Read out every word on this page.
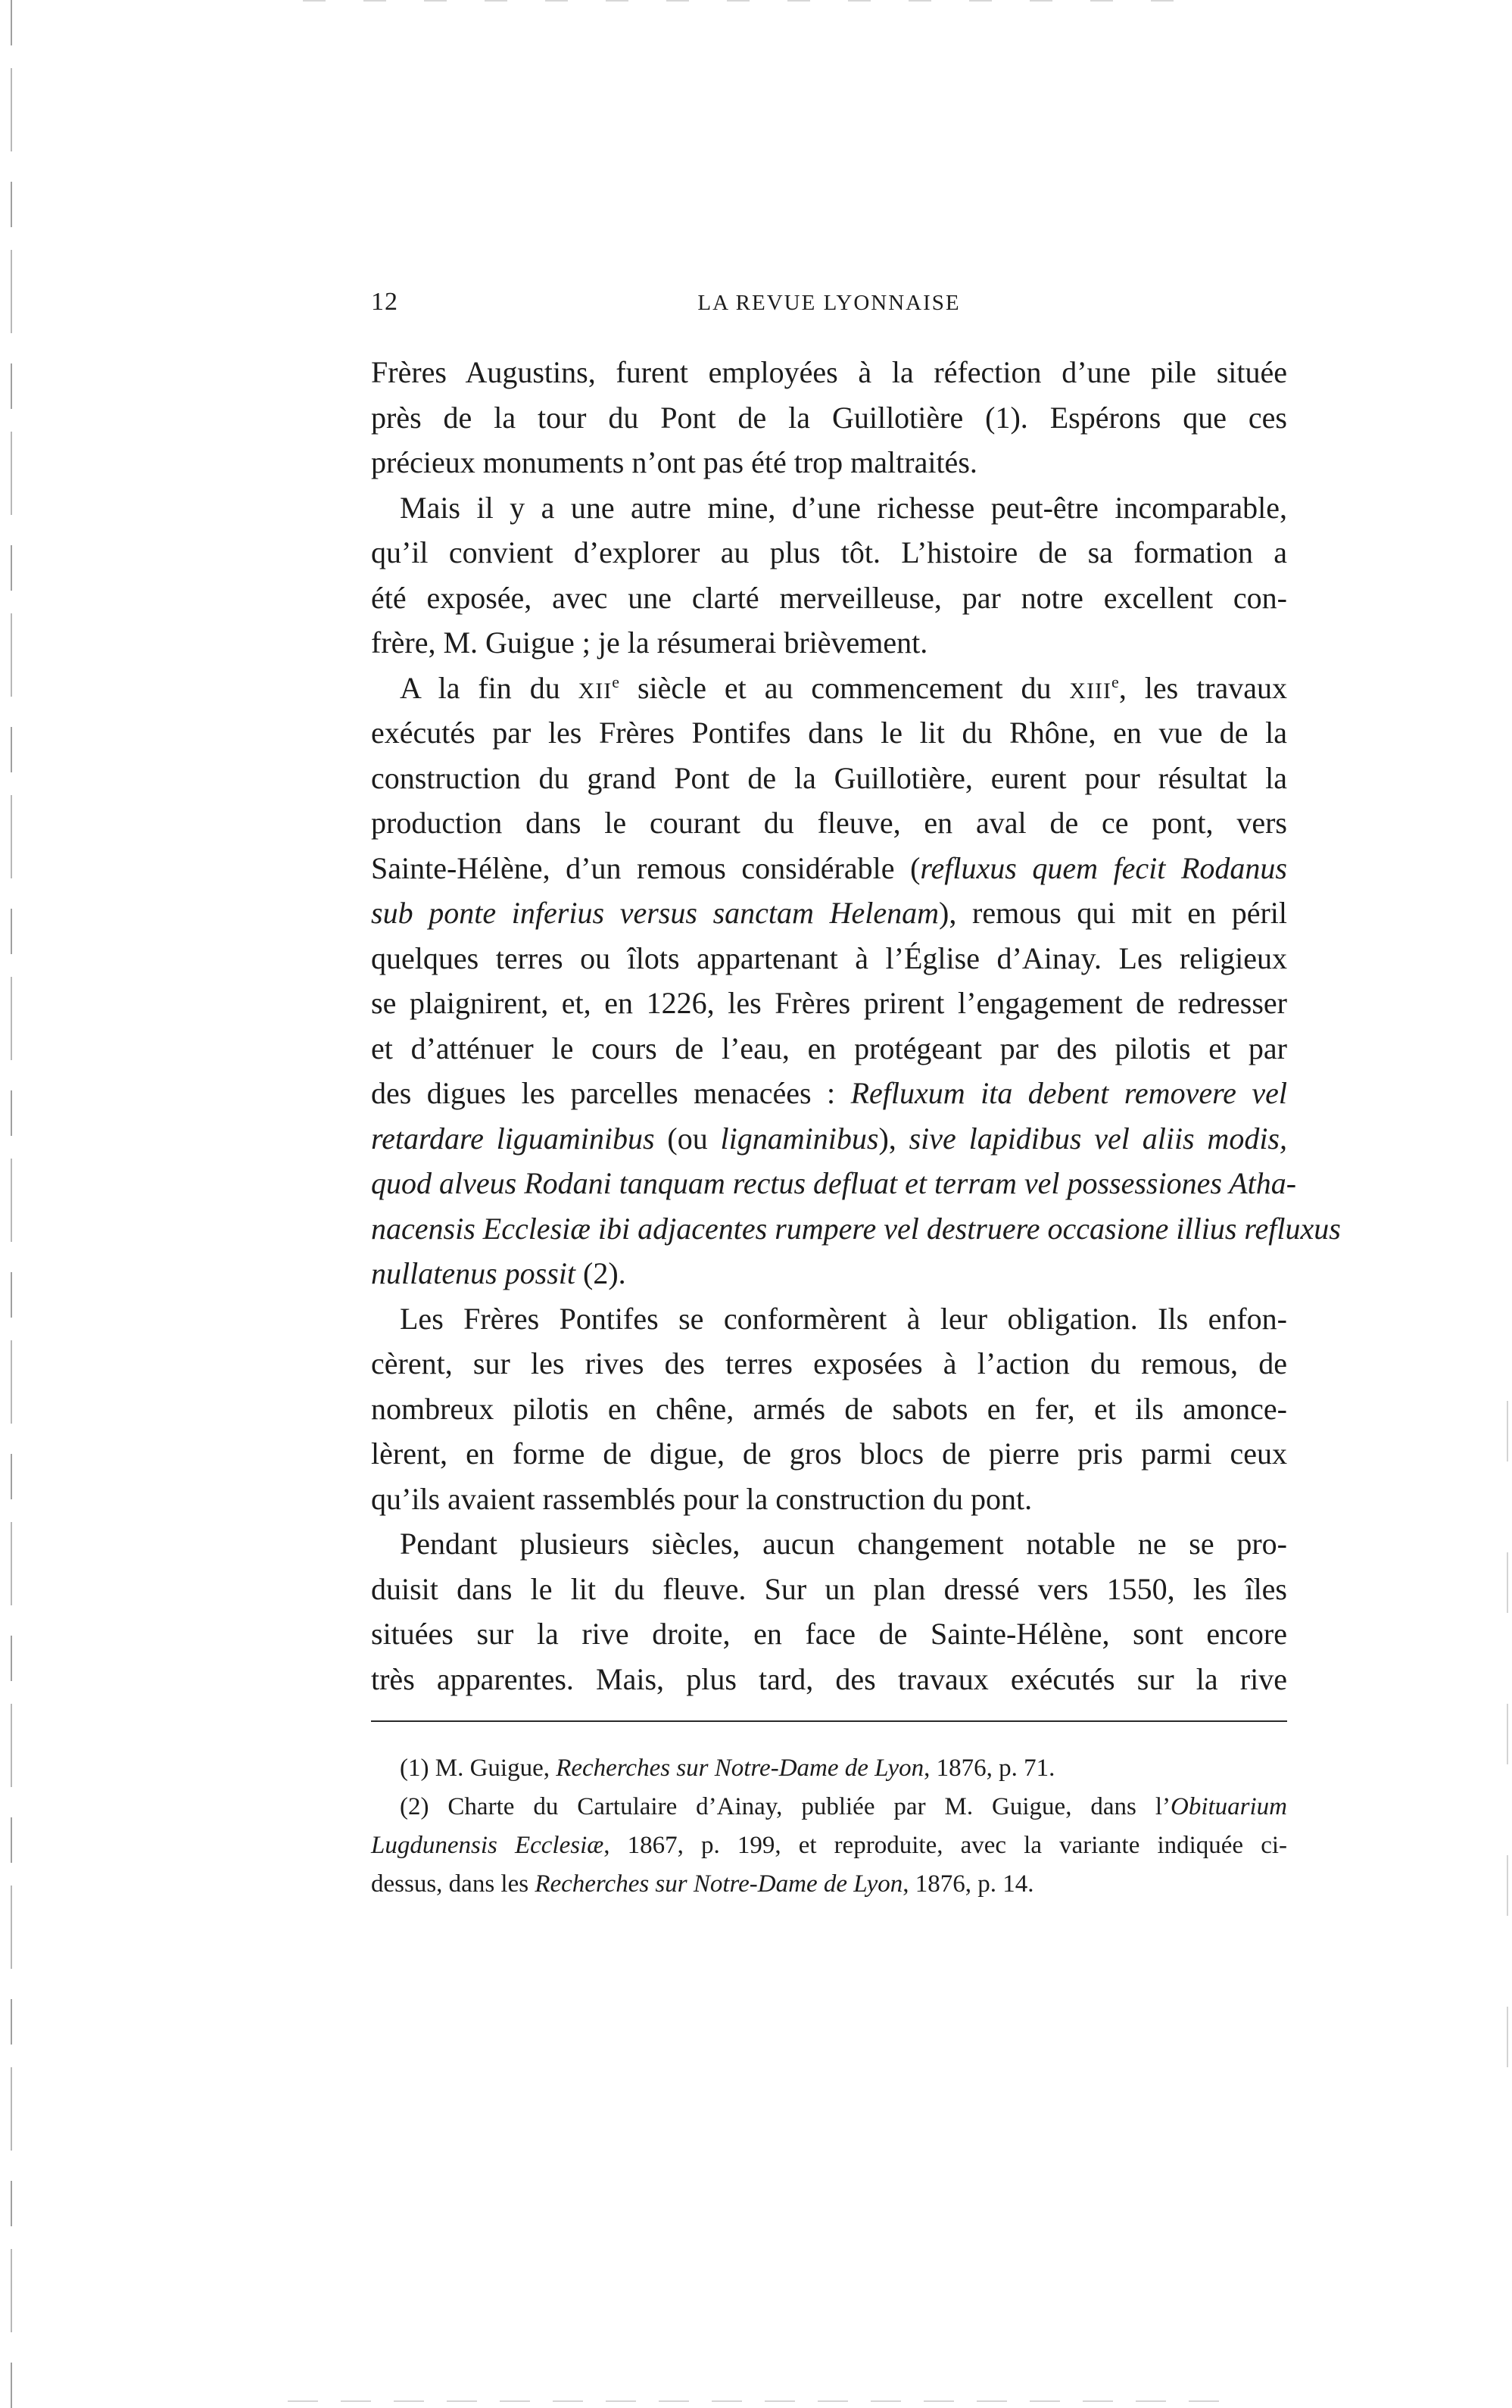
12	LA REVUE LYONNAISE
Frères Augustins, furent employées à la réfection d’une pile située
près de la tour du Pont de la Guillotière (1). Espérons que ces
précieux monuments n’ont pas été trop maltraités.
Mais il y a une autre mine, d’une richesse peut-être incomparable,
qu’il convient d’explorer au plus tôt. L’histoire de sa formation a
été exposée, avec une clarté merveilleuse, par notre excellent con-
frère, M. Guigue ; je la résumerai brièvement.
A la fin du XIIe siècle et au commencement du XIIIe, les travaux
exécutés par les Frères Pontifes dans le lit du Rhône, en vue de la
construction du grand Pont de la Guillotière, eurent pour résultat la
production dans le courant du fleuve, en aval de ce pont, vers
Sainte-Hélène, d’un remous considérable (refluxus quem fecit Rodanus
sub ponte inferius versus sanctam Helenam), remous qui mit en péril
quelques terres ou îlots appartenant à l’Église d’Ainay. Les religieux
se plaignirent, et, en 1226, les Frères prirent l’engagement de redresser
et d’atténuer le cours de l’eau, en protégeant par des pilotis et par
des digues les parcelles menacées : Refluxum ita debent removere vel
retardare liguaminibus (ou lignaminibus), sive lapidibus vel aliis modis,
quod alveus Rodani tanquam rectus defluat et terram vel possessiones Atha-
nacensis Ecclesiæ ibi adjacentes rumpere vel destruere occasione illius refluxus
nullatenus possit (2).
Les Frères Pontifes se conformèrent à leur obligation. Ils enfon-
cèrent, sur les rives des terres exposées à l’action du remous, de
nombreux pilotis en chêne, armés de sabots en fer, et ils amonce-
lèrent, en forme de digue, de gros blocs de pierre pris parmi ceux
qu’ils avaient rassemblés pour la construction du pont.
Pendant plusieurs siècles, aucun changement notable ne se pro-
duisit dans le lit du fleuve. Sur un plan dressé vers 1550, les îles
situées sur la rive droite, en face de Sainte-Hélène, sont encore
très apparentes. Mais, plus tard, des travaux exécutés sur la rive
(1) M. Guigue, Recherches sur Notre-Dame de Lyon, 1876, p. 71.
(2) Charte du Cartulaire d’Ainay, publiée par M. Guigue, dans l’Obituarium
Lugdunensis Ecclesiæ, 1867, p. 199, et reproduite, avec la variante indiquée ci-
dessus, dans les Recherches sur Notre-Dame de Lyon, 1876, p. 14.
